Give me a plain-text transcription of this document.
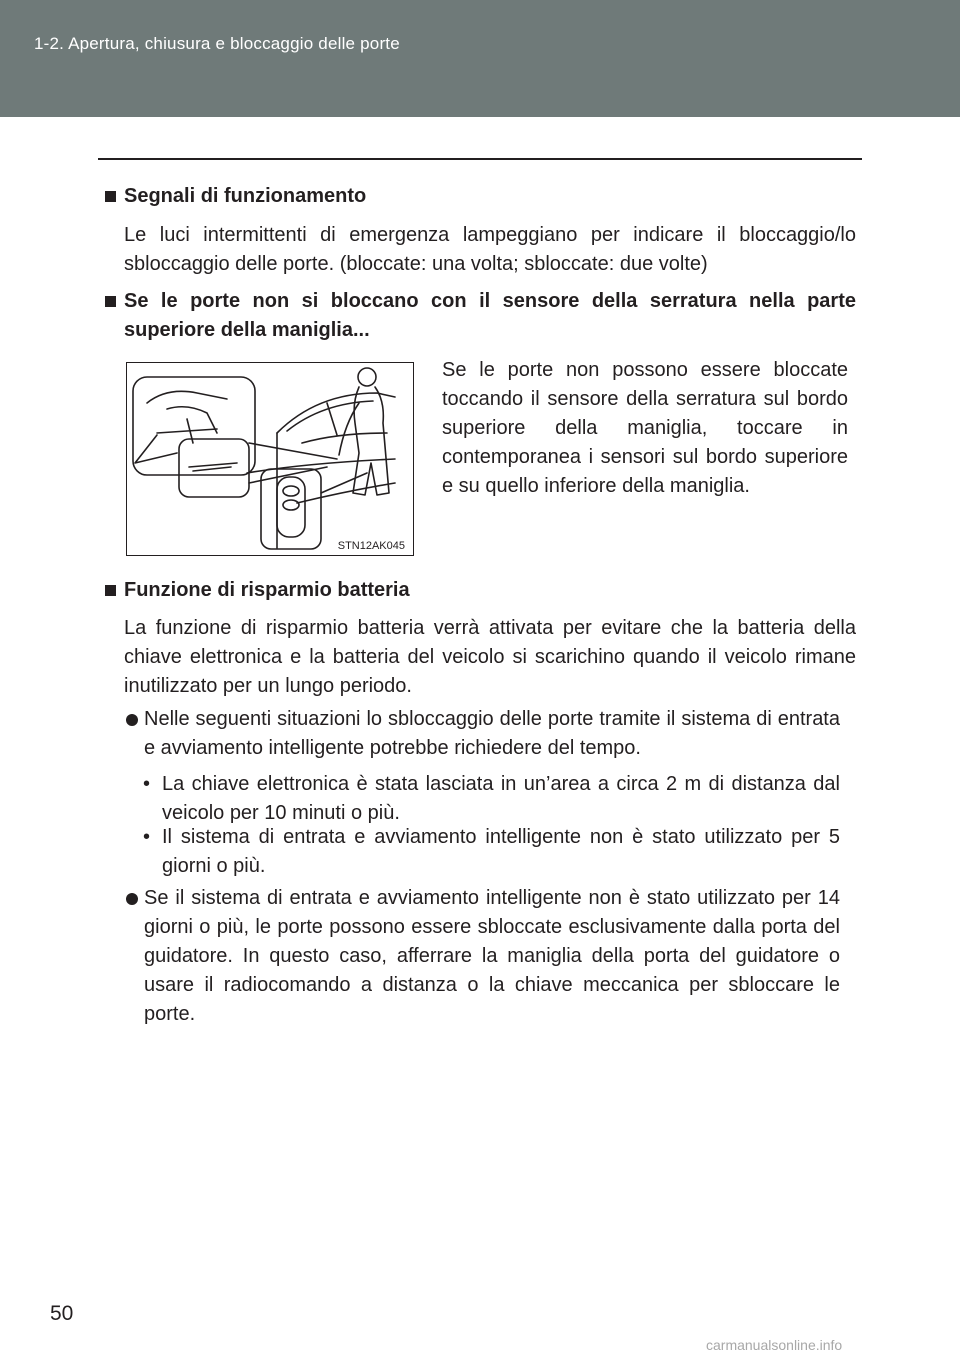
1-2. Apertura, chiusura e bloccaggio delle porte
Segnali di funzionamento
Le luci intermittenti di emergenza lampeggiano per indicare il bloccaggio/lo sbloccaggio delle porte. (bloccate: una volta; sbloccate: due volte)
Se le porte non si bloccano con il sensore della serratura nella parte superiore della maniglia...
STN12AK045
Se le porte non possono essere bloccate toccando il sensore della serratura sul bordo superiore della maniglia, toccare in contemporanea i sensori sul bordo superiore e su quello inferiore della maniglia.
Funzione di risparmio batteria
La funzione di risparmio batteria verrà attivata per evitare che la batteria della chiave elettronica e la batteria del veicolo si scarichino quando il veicolo rimane inutilizzato per un lungo periodo.
Nelle seguenti situazioni lo sbloccaggio delle porte tramite il sistema di entrata e avviamento intelligente potrebbe richiedere del tempo.
• La chiave elettronica è stata lasciata in un’area a circa 2 m di distanza dal veicolo per 10 minuti o più.
• Il sistema di entrata e avviamento intelligente non è stato utilizzato per 5 giorni o più.
Se il sistema di entrata e avviamento intelligente non è stato utilizzato per 14 giorni o più, le porte possono essere sbloccate esclusivamente dalla porta del guidatore. In questo caso, afferrare la maniglia della porta del guidatore o usare il radiocomando a distanza o la chiave meccanica per sbloccare le porte.
50
carmanualsonline.info
